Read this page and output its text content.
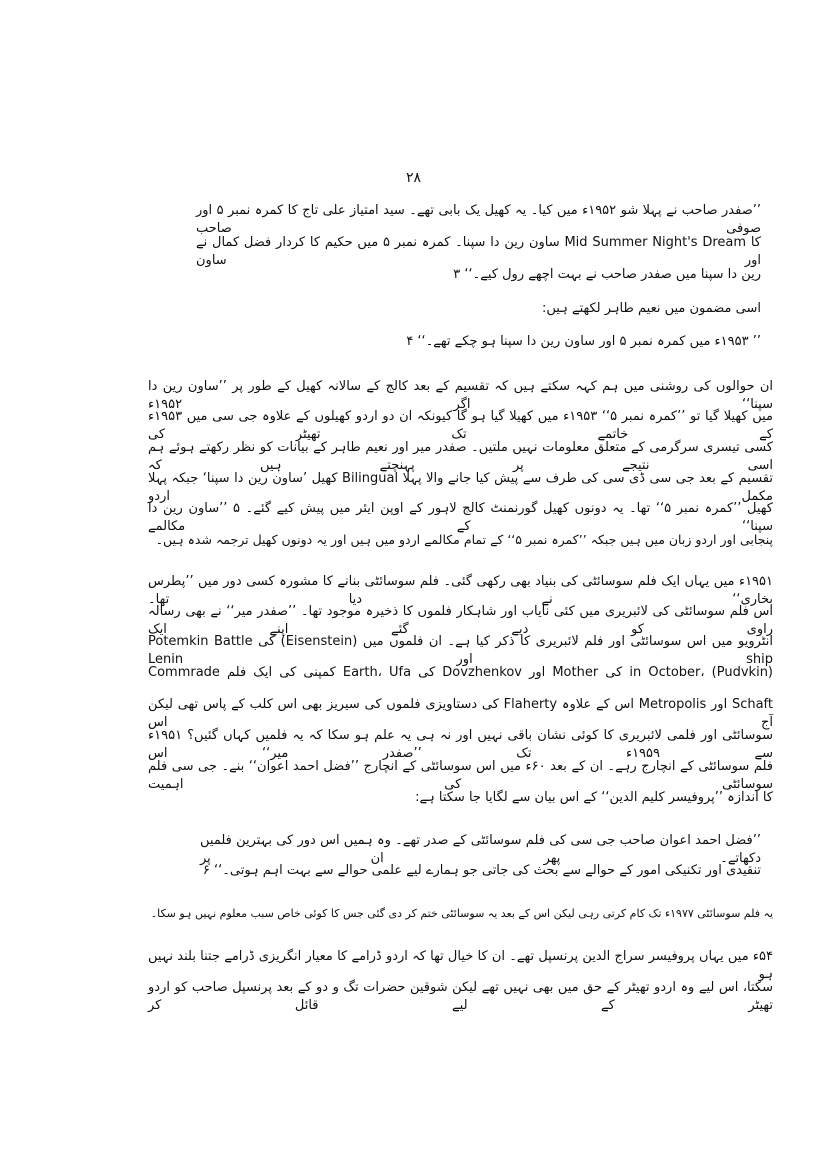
۲۸
’’صفدر صاحب نے پہلا شو ۱۹۵۲ء میں کیا۔ یہ کھیل یک بابی تھے۔ سید امتیاز علی تاج کا کمرہ نمبر ۵ اور صوفی صاحب
کا Mid Summer Night's Dream ساون رین دا سپنا۔ کمرہ نمبر ۵ میں حکیم کا کردار فضل کمال نے اور ساون
رین دا سپنا میں صفدر صاحب نے بہت اچھے رول کیے۔‘‘ ۳
اسی مضمون میں نعیم طاہر لکھتے ہیں:
’’ ۱۹۵۳ء میں کمرہ نمبر ۵ اور ساون رین دا سپنا ہو چکے تھے۔‘‘ ۴
ان حوالوں کی روشنی میں ہم کہہ سکتے ہیں کہ تقسیم کے بعد کالج کے سالانہ کھیل کے طور پر ’’ساون رین دا سپنا‘‘ اگر ۱۹۵۲ء
میں کھیلا گیا تو ’’کمرہ نمبر ۵‘‘ ۱۹۵۳ء میں کھیلا گیا ہو گا کیونکہ ان دو اردو کھیلوں کے علاوہ جی سی میں ۱۹۵۳ء کے خاتمے تک تھیٹر کی
کسی تیسری سرگرمی کے متعلق معلومات نہیں ملتیں۔ صفدر میر اور نعیم طاہر کے بیانات کو نظر رکھتے ہوئے ہم اسی نتیجے پر پہنچتے ہیں کہ
تقسیم کے بعد جی سی ڈی سی کی طرف سے پیش کیا جانے والا پہلا Bilingual کھیل ’ساون رین دا سپنا‘ جبکہ پہلا مکمل اردو
کھیل ’’کمرہ نمبر ۵‘‘ تھا۔ یہ دونوں کھیل گورنمنٹ کالج لاہور کے اوپن ایئر میں پیش کیے گئے۔ ۵ ’’ساون رین دا سپنا‘‘ کے مکالمے
پنجابی اور اردو زبان میں ہیں جبکہ ’’کمرہ نمبر ۵‘‘ کے تمام مکالمے اردو میں ہیں اور یہ دونوں کھیل ترجمہ شدہ ہیں۔
۱۹۵۱ء میں یہاں ایک فلم سوسائٹی کی بنیاد بھی رکھی گئی۔ فلم سوسائٹی بنانے کا مشورہ کسی دور میں ’’پطرس بخاری‘‘ نے دیا تھا۔
اس فلم سوسائٹی کی لائبریری میں کئی نایاب اور شاہکار فلموں کا ذخیرہ موجود تھا۔ ’’صفدر میر‘‘ نے بھی رسالہ راوی کو دیے گئے اپنے ایک
انٹرویو میں اس سوسائٹی اور فلم لائبریری کا ذکر کیا ہے۔ ان فلموں میں (Eisenstein) کی Potemkin Battle ship اور Lenin
in October، (Pudvkin) کی Mother اور Dovzhenkov کی Earth، Ufa کمپنی کی ایک فلم Commrade
Schaft اور Metropolis اس کے علاوہ Flaherty کی دستاویزی فلموں کی سیریز بھی اس کلب کے پاس تھی لیکن آج اس
سوسائٹی اور فلمی لائبریری کا کوئی نشان باقی نہیں اور نہ ہی یہ علم ہو سکا کہ یہ فلمیں کہاں گئیں؟ ۱۹۵۱ء سے ۱۹۵۹ء تک ’’صفدر میر‘‘ اس
فلم سوسائٹی کے انچارج رہے۔ ان کے بعد ۶۰ء میں اس سوسائٹی کے انچارج ’’فضل احمد اعوان‘‘ بنے۔ جی سی فلم سوسائٹی کی اہمیت
کا اندازہ ’’پروفیسر کلیم الدین‘‘ کے اس بیان سے لگایا جا سکتا ہے:
’’فضل احمد اعوان صاحب جی سی کی فلم سوسائٹی کے صدر تھے۔ وہ ہمیں اس دور کی بہترین فلمیں دکھاتے۔ پھر ان پر
تنقیدی اور تکنیکی امور کے حوالے سے بحث کی جاتی جو ہمارے لیے علمی حوالے سے بہت اہم ہوتی۔‘‘ ۶
یہ فلم سوسائٹی ۱۹۷۷ء تک کام کرتی رہی لیکن اس کے بعد یہ سوسائٹی ختم کر دی گئی جس کا کوئی خاص سبب معلوم نہیں ہو سکا۔
۵۴ء میں یہاں پروفیسر سراج الدین پرنسپل تھے۔ ان کا خیال تھا کہ اردو ڈرامے کا معیار انگریزی ڈرامے جتنا بلند نہیں ہو
سکتا، اس لیے وہ اردو تھیٹر کے حق میں بھی نہیں تھے لیکن شوقین حضرات تگ و دو کے بعد پرنسپل صاحب کو اردو تھیٹر کے لیے قائل کر
